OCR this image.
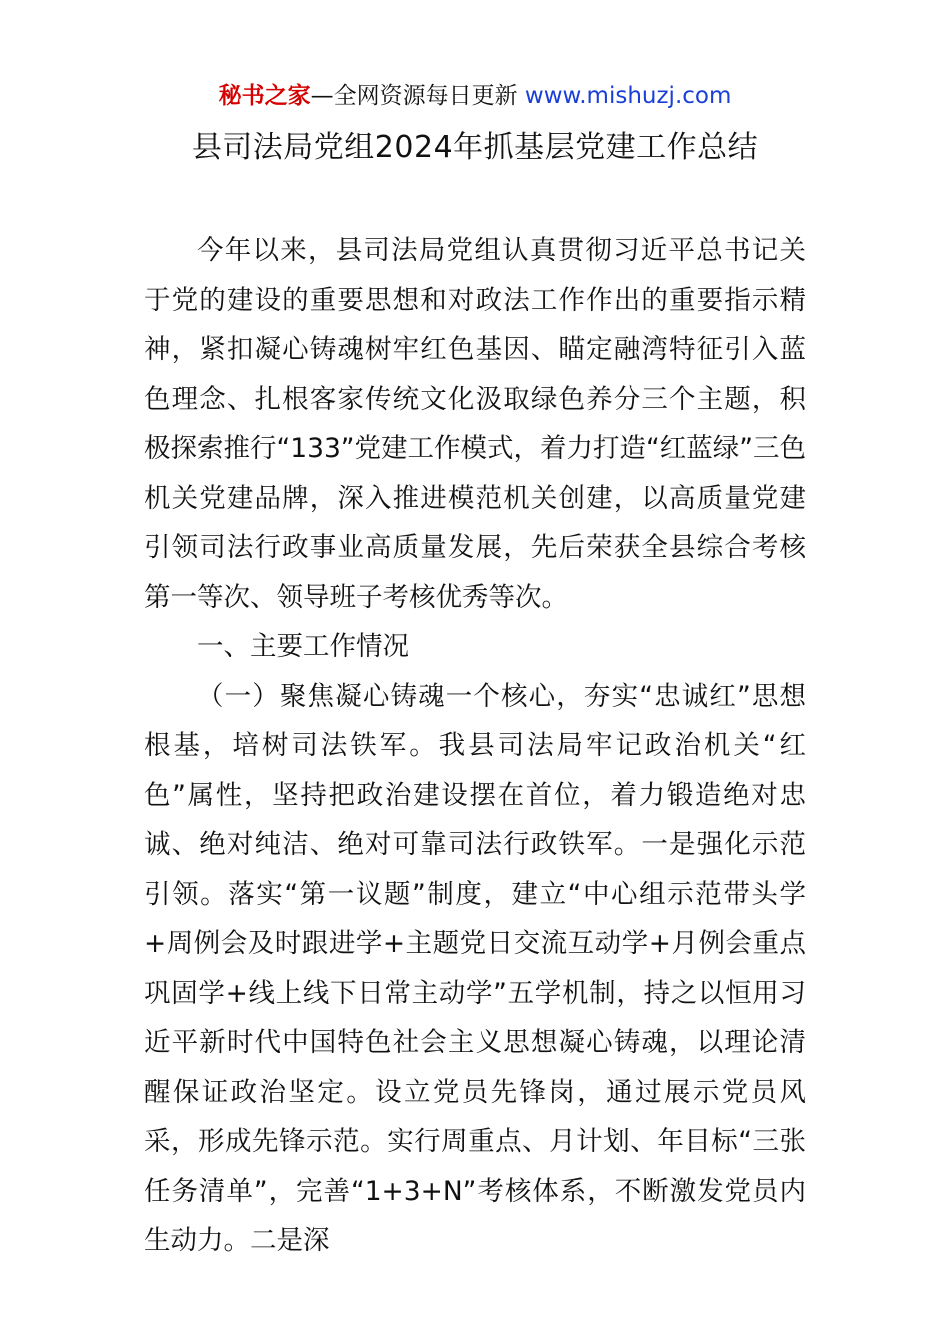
秘书之家—全网资源每日更新 www.mishuzj.com
县司法局党组2024年抓基层党建工作总结

今年以来，县司法局党组认真贯彻习近平总书记关于党的建设的重要思想和对政法工作作出的重要指示精神，紧扣凝心铸魂树牢红色基因、瞄定融湾特征引入蓝色理念、扎根客家传统文化汲取绿色养分三个主题，积极探索推行“133”党建工作模式，着力打造“红蓝绿”三色机关党建品牌，深入推进模范机关创建，以高质量党建引领司法行政事业高质量发展，先后荣获全县综合考核第一等次、领导班子考核优秀等次。

一、主要工作情况

（一）聚焦凝心铸魂一个核心，夯实“忠诚红”思想根基，培树司法铁军。我县司法局牢记政治机关“红色”属性，坚持把政治建设摆在首位，着力锻造绝对忠诚、绝对纯洁、绝对可靠司法行政铁军。一是强化示范引领。落实“第一议题”制度，建立“中心组示范带头学+周例会及时跟进学+主题党日交流互动学+月例会重点巩固学+线上线下日常主动学”五学机制，持之以恒用习近平新时代中国特色社会主义思想凝心铸魂，以理论清醒保证政治坚定。设立党员先锋岗，通过展示党员风采，形成先锋示范。实行周重点、月计划、年目标“三张任务清单”，完善“1+3+N”考核体系，不断激发党员内生动力。二是深
